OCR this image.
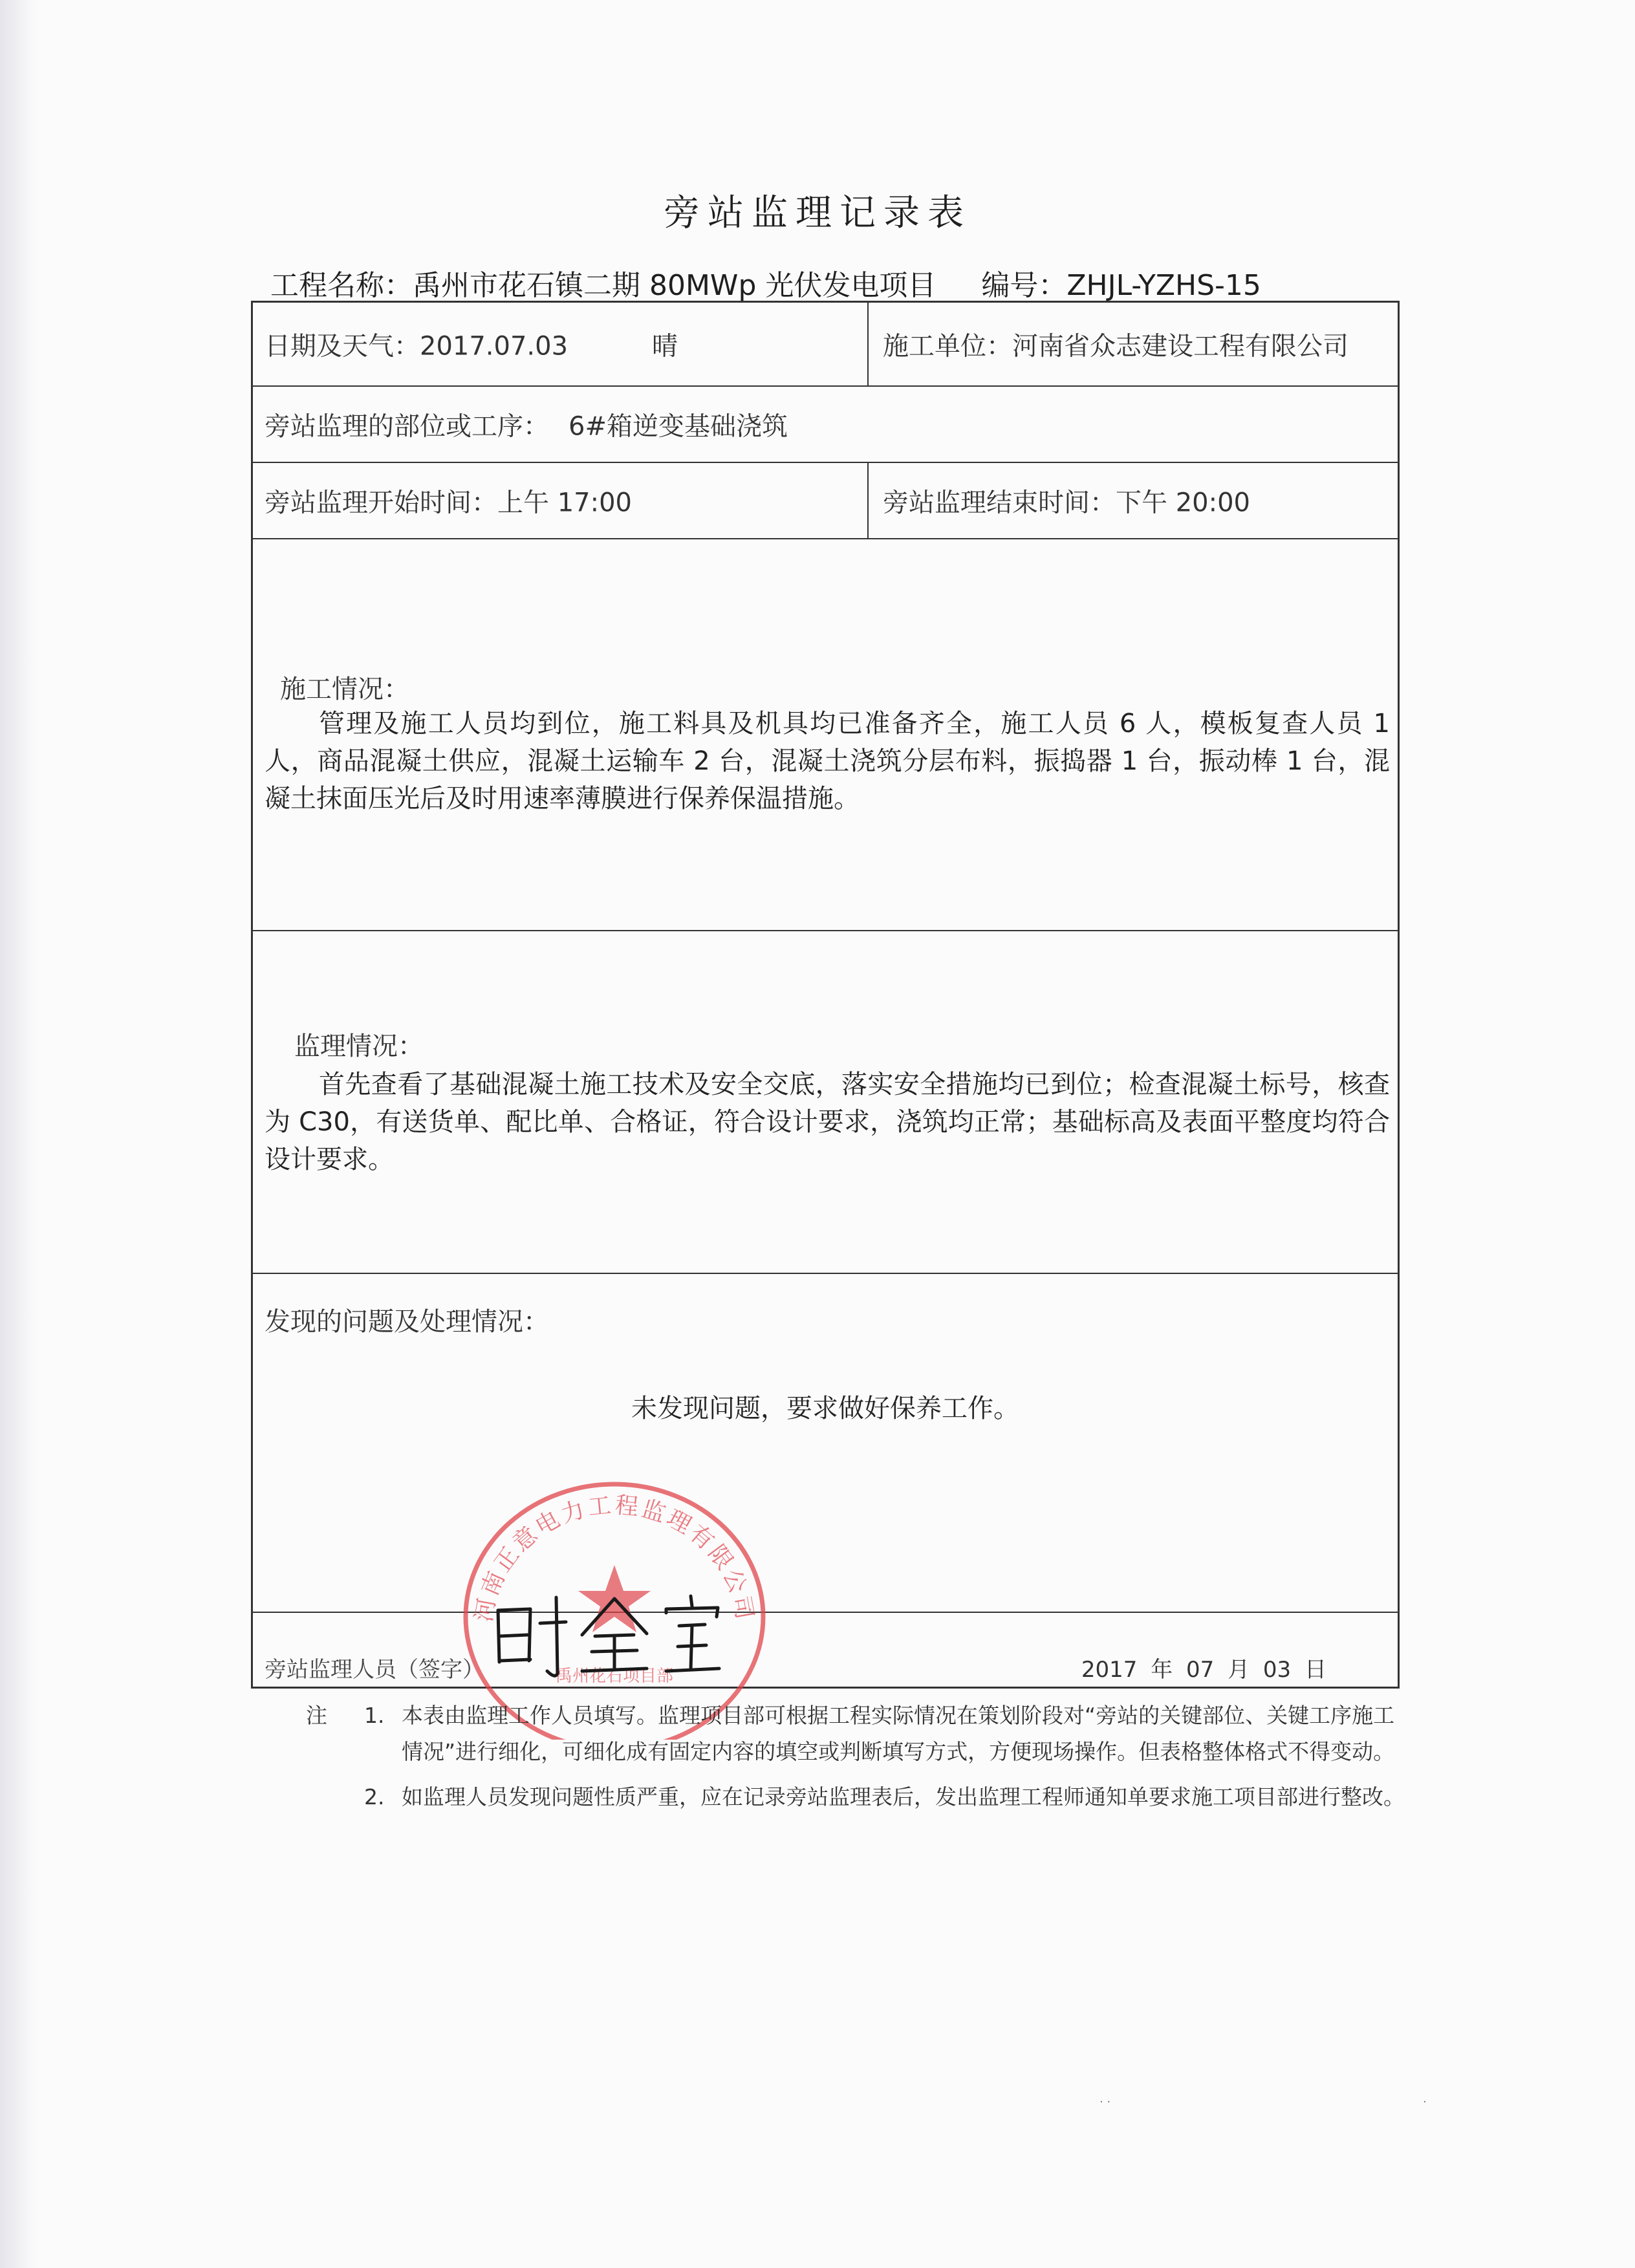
旁站监理记录表
工程名称：禹州市花石镇二期 80MWp 光伏发电项目 编号：ZHJL-YZHS-15
日期及天气：2017.07.03	晴	施工单位：河南省众志建设工程有限公司
旁站监理的部位或工序： 6#箱逆变基础浇筑
旁站监理开始时间：上午 17:00	旁站监理结束时间：下午 20:00
施工情况：
管理及施工人员均到位，施工料具及机具均已准备齐全，施工人员 6 人，模板复查人员 1 人，商品混凝土供应，混凝土运输车 2 台，混凝土浇筑分层布料，振捣器 1 台，振动棒 1 台，混凝土抹面压光后及时用速率薄膜进行保养保温措施。
监理情况：
首先查看了基础混凝土施工技术及安全交底，落实安全措施均已到位；检查混凝土标号，核查为 C30，有送货单、配比单、合格证，符合设计要求，浇筑均正常；基础标高及表面平整度均符合设计要求。
发现的问题及处理情况：
未发现问题，要求做好保养工作。
旁站监理人员（签字）	2017 年 07 月 03 日
禹州花石项目部
河南正意电力工程监理有限公司
注 1. 本表由监理工作人员填写。监理项目部可根据工程实际情况在策划阶段对“旁站的关键部位、关键工序施工情况”进行细化，可细化成有固定内容的填空或判断填写方式，方便现场操作。但表格整体格式不得变动。
2. 如监理人员发现问题性质严重，应在记录旁站监理表后，发出监理工程师通知单要求施工项目部进行整改。
· ·	·
